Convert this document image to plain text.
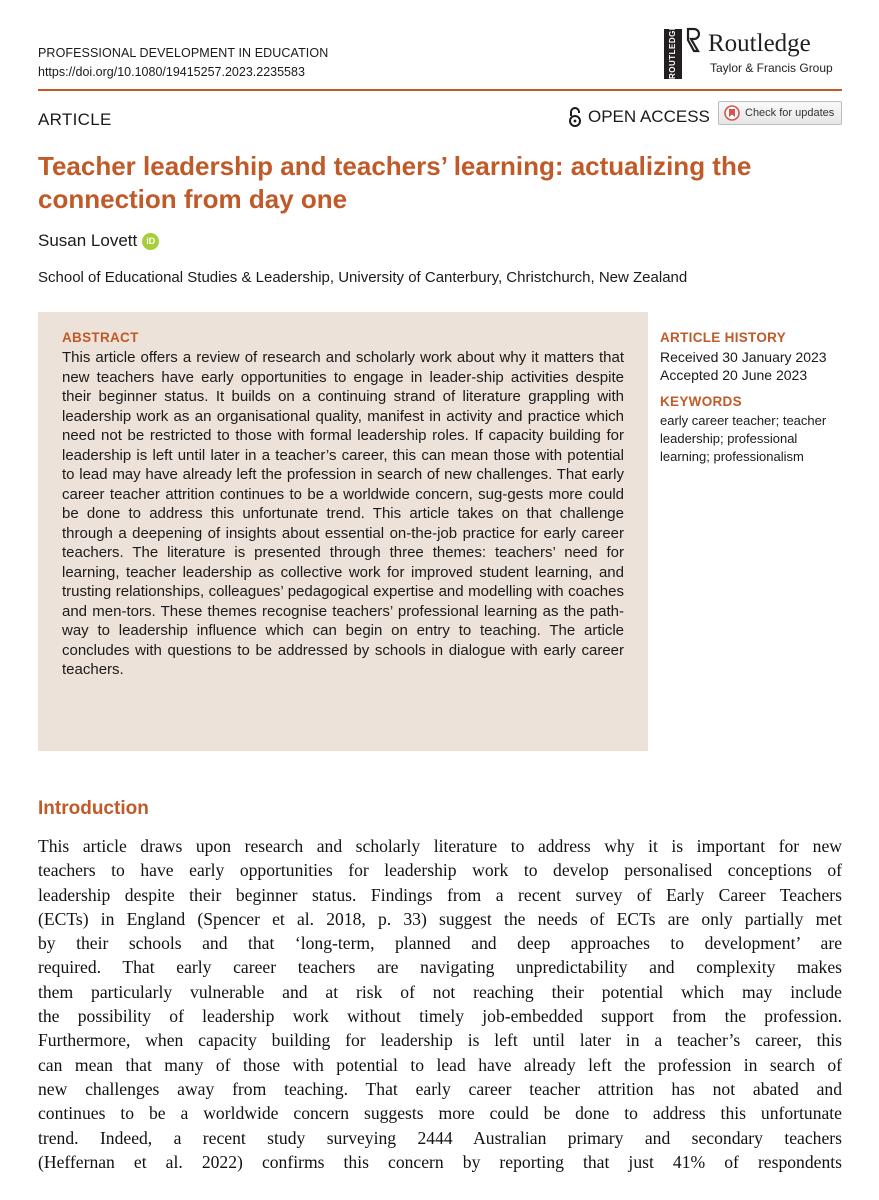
PROFESSIONAL DEVELOPMENT IN EDUCATION
https://doi.org/10.1080/19415257.2023.2235583	ROUTLEDGE Routledge
Taylor & Francis Group
ARTICLE	OPEN ACCESS	Check for updates
Teacher leadership and teachers’ learning: actualizing the connection from day one
Susan Lovett	iD
School of Educational Studies & Leadership, University of Canterbury, Christchurch, New Zealand
ABSTRACT
This article offers a review of research and scholarly work about why it matters that new teachers have early opportunities to engage in leader-ship activities despite their beginner status. It builds on a continuing strand of literature grappling with leadership work as an organisational quality, manifest in activity and practice which need not be restricted to those with formal leadership roles. If capacity building for leadership is left until later in a teacher’s career, this can mean those with potential to lead may have already left the profession in search of new challenges. That early career teacher attrition continues to be a worldwide concern, sug-gests more could be done to address this unfortunate trend. This article takes on that challenge through a deepening of insights about essential on-the-job practice for early career teachers. The literature is presented through three themes: teachers’ need for learning, teacher leadership as collective work for improved student learning, and trusting relationships, colleagues’ pedagogical expertise and modelling with coaches and men-tors. These themes recognise teachers’ professional learning as the path-way to leadership influence which can begin on entry to teaching. The article concludes with questions to be addressed by schools in dialogue with early career teachers.
ARTICLE HISTORY
Received 30 January 2023
Accepted 20 June 2023
KEYWORDS
early career teacher; teacher leadership; professional learning; professionalism
Introduction
This article draws upon research and scholarly literature to address why it is important for new
teachers to have early opportunities for leadership work to develop personalised conceptions of
leadership despite their beginner status. Findings from a recent survey of Early Career Teachers
(ECTs) in England (Spencer et al. 2018, p. 33) suggest the needs of ECTs are only partially met
by their schools and that ‘long-term, planned and deep approaches to development’ are
required. That early career teachers are navigating unpredictability and complexity makes
them particularly vulnerable and at risk of not reaching their potential which may include
the possibility of leadership work without timely job-embedded support from the profession.
Furthermore, when capacity building for leadership is left until later in a teacher’s career, this
can mean that many of those with potential to lead have already left the profession in search of
new challenges away from teaching. That early career teacher attrition has not abated and
continues to be a worldwide concern suggests more could be done to address this unfortunate
trend. Indeed, a recent study surveying 2444 Australian primary and secondary teachers
(Heffernan et al. 2022) confirms this concern by reporting that just 41% of respondents
